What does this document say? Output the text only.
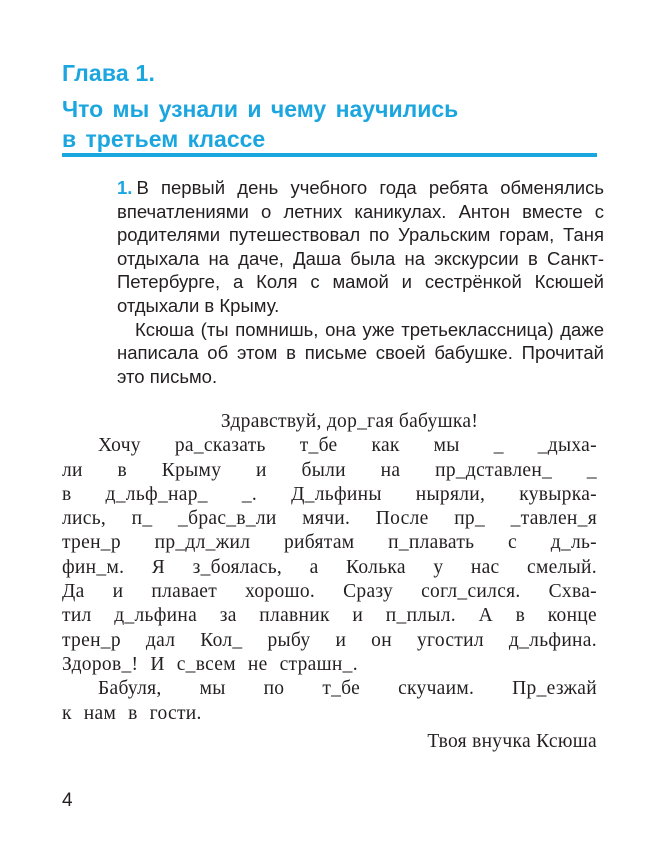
Глава 1.
Что мы узнали и чему научились
в третьем классе

1. В первый день учебного года ребята обменялись впечатлениями о летних каникулах. Антон вместе с родителями путешествовал по Уральским горам, Таня отдыхала на даче, Даша была на экскурсии в Санкт-Петербурге, а Коля с мамой и сестрёнкой Ксюшей отдыхали в Крыму.

Ксюша (ты помнишь, она уже третьеклассница) даже написала об этом в письме своей бабушке. Прочитай это письмо.

Здравствуй, дор_гая бабушка!

Хочу ра_сказать т_бе как мы _ _дыха-

ли в Крыму и были на пр_дставлен_ _

в д_льф_нар_ _. Д_льфины ныряли, кувырка-

лись, п_ _брас_в_ли мячи. После пр_ _тавлен_я

трен_р пр_дл_жил рибятам п_плавать с д_ль-

фин_м. Я з_боялась, а Колька у нас смелый.

Да и плавает хорошо. Сразу согл_сился. Схва-

тил д_льфина за плавник и п_плыл. А в конце

трен_р дал Кол_ рыбу и он угостил д_льфина.

Здоров_! И с_всем не страшн_.

Бабуля, мы по т_бе скучаим. Пр_езжай

к нам в гости.

Твоя внучка Ксюша

4
